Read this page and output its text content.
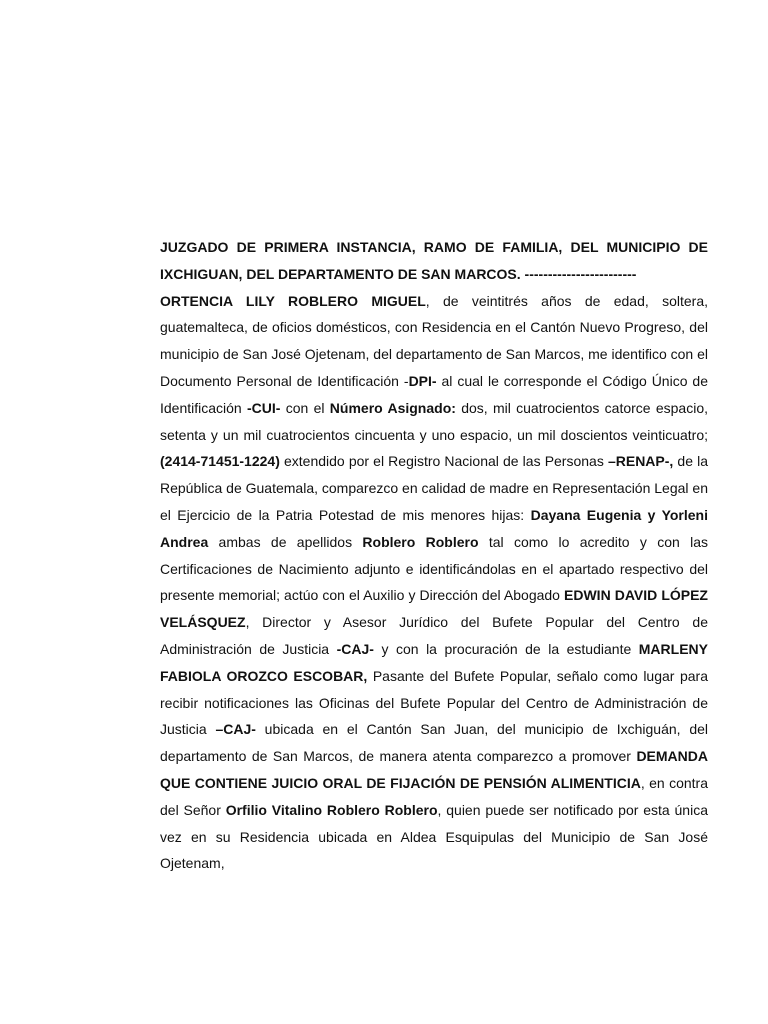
JUZGADO DE PRIMERA INSTANCIA, RAMO DE FAMILIA, DEL MUNICIPIO DE IXCHIGUAN, DEL DEPARTAMENTO DE SAN MARCOS. ------------------------

ORTENCIA LILY ROBLERO MIGUEL, de veintitrés años de edad, soltera, guatemalteca, de oficios domésticos, con Residencia en el Cantón Nuevo Progreso, del municipio de San José Ojetenam, del departamento de San Marcos, me identifico con el Documento Personal de Identificación -DPI- al cual le corresponde el Código Único de Identificación -CUI- con el Número Asignado: dos, mil cuatrocientos catorce espacio, setenta y un mil cuatrocientos cincuenta y uno espacio, un mil doscientos veinticuatro; (2414-71451-1224) extendido por el Registro Nacional de las Personas –RENAP-, de la República de Guatemala, comparezco en calidad de madre en Representación Legal en el Ejercicio de la Patria Potestad de mis menores hijas: Dayana Eugenia y Yorleni Andrea ambas de apellidos Roblero Roblero tal como lo acredito y con las Certificaciones de Nacimiento adjunto e identificándolas en el apartado respectivo del presente memorial; actúo con el Auxilio y Dirección del Abogado EDWIN DAVID LÓPEZ VELÁSQUEZ, Director y Asesor Jurídico del Bufete Popular del Centro de Administración de Justicia -CAJ- y con la procuración de la estudiante MARLENY FABIOLA OROZCO ESCOBAR, Pasante del Bufete Popular, señalo como lugar para recibir notificaciones las Oficinas del Bufete Popular del Centro de Administración de Justicia –CAJ- ubicada en el Cantón San Juan, del municipio de Ixchiguán, del departamento de San Marcos, de manera atenta comparezco a promover DEMANDA QUE CONTIENE JUICIO ORAL DE FIJACIÓN DE PENSIÓN ALIMENTICIA, en contra del Señor Orfilio Vitalino Roblero Roblero, quien puede ser notificado por esta única vez en su Residencia ubicada en Aldea Esquipulas del Municipio de San José Ojetenam,
